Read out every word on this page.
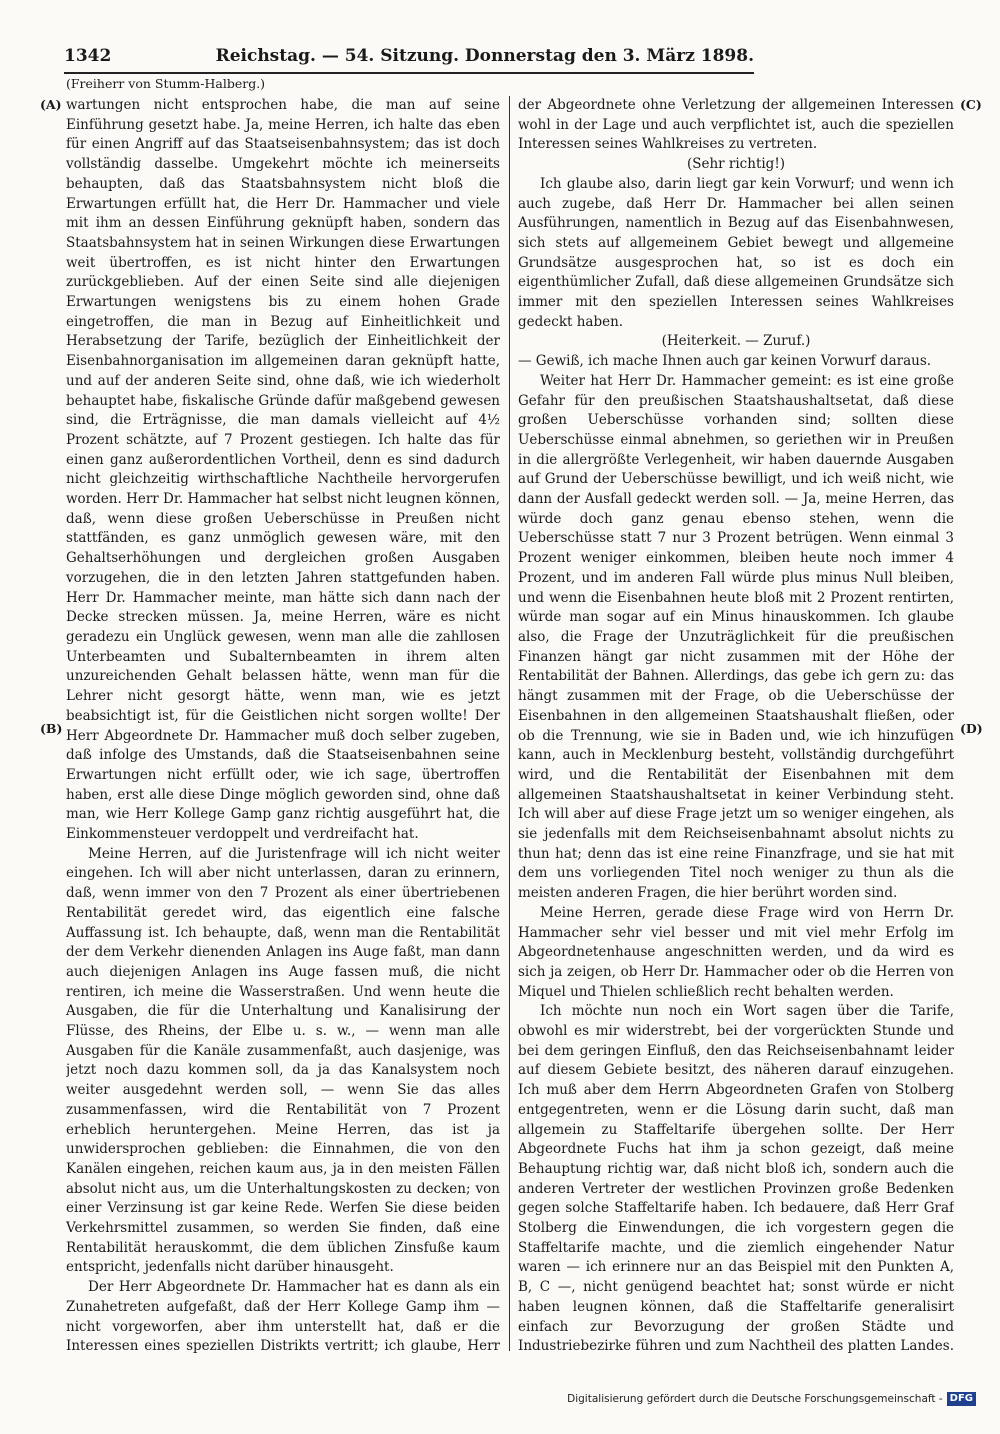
1342	Reichstag. — 54. Sitzung. Donnerstag den 3. März 1898.
(Freiherr von Stumm-Halberg.)
(A)
(B)
(C)
(D)

wartungen nicht entsprochen habe, die man auf seine Einführung gesetzt habe. Ja, meine Herren, ich halte das eben für einen Angriff auf das Staatseisenbahnsystem; das ist doch vollständig dasselbe. Umgekehrt möchte ich meinerseits behaupten, daß das Staatsbahnsystem nicht bloß die Erwartungen erfüllt hat, die Herr Dr. Hammacher und viele mit ihm an dessen Einführung geknüpft haben, sondern das Staatsbahnsystem hat in seinen Wirkungen diese Erwartungen weit übertroffen, es ist nicht hinter den Erwartungen zurückgeblieben. Auf der einen Seite sind alle diejenigen Erwartungen wenigstens bis zu einem hohen Grade eingetroffen, die man in Bezug auf Einheitlichkeit und Herabsetzung der Tarife, bezüglich der Einheitlichkeit der Eisenbahnorganisation im allgemeinen daran geknüpft hatte, und auf der anderen Seite sind, ohne daß, wie ich wiederholt behauptet habe, fiskalische Gründe dafür maßgebend gewesen sind, die Erträgnisse, die man damals vielleicht auf 4½ Prozent schätzte, auf 7 Prozent gestiegen. Ich halte das für einen ganz außerordentlichen Vortheil, denn es sind dadurch nicht gleichzeitig wirthschaftliche Nachtheile hervorgerufen worden. Herr Dr. Hammacher hat selbst nicht leugnen können, daß, wenn diese großen Ueberschüsse in Preußen nicht stattfänden, es ganz unmöglich gewesen wäre, mit den Gehaltserhöhungen und dergleichen großen Ausgaben vorzugehen, die in den letzten Jahren stattgefunden haben. Herr Dr. Hammacher meinte, man hätte sich dann nach der Decke strecken müssen. Ja, meine Herren, wäre es nicht geradezu ein Unglück gewesen, wenn man alle die zahllosen Unterbeamten und Subalternbeamten in ihrem alten unzureichenden Gehalt belassen hätte, wenn man für die Lehrer nicht gesorgt hätte, wenn man, wie es jetzt beabsichtigt ist, für die Geistlichen nicht sorgen wollte! Der Herr Abgeordnete Dr. Hammacher muß doch selber zugeben, daß infolge des Umstands, daß die Staatseisenbahnen seine Erwartungen nicht erfüllt oder, wie ich sage, übertroffen haben, erst alle diese Dinge möglich geworden sind, ohne daß man, wie Herr Kollege Gamp ganz richtig ausgeführt hat, die Einkommensteuer verdoppelt und verdreifacht hat.

Meine Herren, auf die Juristenfrage will ich nicht weiter eingehen. Ich will aber nicht unterlassen, daran zu erinnern, daß, wenn immer von den 7 Prozent als einer übertriebenen Rentabilität geredet wird, das eigentlich eine falsche Auffassung ist. Ich behaupte, daß, wenn man die Rentabilität der dem Verkehr dienenden Anlagen ins Auge faßt, man dann auch diejenigen Anlagen ins Auge fassen muß, die nicht rentiren, ich meine die Wasserstraßen. Und wenn heute die Ausgaben, die für die Unterhaltung und Kanalisirung der Flüsse, des Rheins, der Elbe u. s. w., — wenn man alle Ausgaben für die Kanäle zusammenfaßt, auch dasjenige, was jetzt noch dazu kommen soll, da ja das Kanalsystem noch weiter ausgedehnt werden soll, — wenn Sie das alles zusammenfassen, wird die Rentabilität von 7 Prozent erheblich heruntergehen. Meine Herren, das ist ja unwidersprochen geblieben: die Einnahmen, die von den Kanälen eingehen, reichen kaum aus, ja in den meisten Fällen absolut nicht aus, um die Unterhaltungskosten zu decken; von einer Verzinsung ist gar keine Rede. Werfen Sie diese beiden Verkehrsmittel zusammen, so werden Sie finden, daß eine Rentabilität herauskommt, die dem üblichen Zinsfuße kaum entspricht, jedenfalls nicht darüber hinausgeht.

Der Herr Abgeordnete Dr. Hammacher hat es dann als ein Zunahetreten aufgefaßt, daß der Herr Kollege Gamp ihm — nicht vorgeworfen, aber ihm unterstellt hat, daß er die Interessen eines speziellen Distrikts vertritt; ich glaube, Herr

der Abgeordnete ohne Verletzung der allgemeinen Interessen wohl in der Lage und auch verpflichtet ist, auch die speziellen Interessen seines Wahlkreises zu vertreten.

(Sehr richtig!)

Ich glaube also, darin liegt gar kein Vorwurf; und wenn ich auch zugebe, daß Herr Dr. Hammacher bei allen seinen Ausführungen, namentlich in Bezug auf das Eisenbahnwesen, sich stets auf allgemeinem Gebiet bewegt und allgemeine Grundsätze ausgesprochen hat, so ist es doch ein eigenthümlicher Zufall, daß diese allgemeinen Grundsätze sich immer mit den speziellen Interessen seines Wahlkreises gedeckt haben.

(Heiterkeit. — Zuruf.)

— Gewiß, ich mache Ihnen auch gar keinen Vorwurf daraus.

Weiter hat Herr Dr. Hammacher gemeint: es ist eine große Gefahr für den preußischen Staatshaushaltsetat, daß diese großen Ueberschüsse vorhanden sind; sollten diese Ueberschüsse einmal abnehmen, so geriethen wir in Preußen in die allergrößte Verlegenheit, wir haben dauernde Ausgaben auf Grund der Ueberschüsse bewilligt, und ich weiß nicht, wie dann der Ausfall gedeckt werden soll. — Ja, meine Herren, das würde doch ganz genau ebenso stehen, wenn die Ueberschüsse statt 7 nur 3 Prozent betrügen. Wenn einmal 3 Prozent weniger einkommen, bleiben heute noch immer 4 Prozent, und im anderen Fall würde plus minus Null bleiben, und wenn die Eisenbahnen heute bloß mit 2 Prozent rentirten, würde man sogar auf ein Minus hinauskommen. Ich glaube also, die Frage der Unzuträglichkeit für die preußischen Finanzen hängt gar nicht zusammen mit der Höhe der Rentabilität der Bahnen. Allerdings, das gebe ich gern zu: das hängt zusammen mit der Frage, ob die Ueberschüsse der Eisenbahnen in den allgemeinen Staatshaushalt fließen, oder ob die Trennung, wie sie in Baden und, wie ich hinzufügen kann, auch in Mecklenburg besteht, vollständig durchgeführt wird, und die Rentabilität der Eisenbahnen mit dem allgemeinen Staatshaushaltsetat in keiner Verbindung steht. Ich will aber auf diese Frage jetzt um so weniger eingehen, als sie jedenfalls mit dem Reichseisenbahnamt absolut nichts zu thun hat; denn das ist eine reine Finanzfrage, und sie hat mit dem uns vorliegenden Titel noch weniger zu thun als die meisten anderen Fragen, die hier berührt worden sind.

Meine Herren, gerade diese Frage wird von Herrn Dr. Hammacher sehr viel besser und mit viel mehr Erfolg im Abgeordnetenhause angeschnitten werden, und da wird es sich ja zeigen, ob Herr Dr. Hammacher oder ob die Herren von Miquel und Thielen schließlich recht behalten werden.

Ich möchte nun noch ein Wort sagen über die Tarife, obwohl es mir widerstrebt, bei der vorgerückten Stunde und bei dem geringen Einfluß, den das Reichseisenbahnamt leider auf diesem Gebiete besitzt, des näheren darauf einzugehen. Ich muß aber dem Herrn Abgeordneten Grafen von Stolberg entgegentreten, wenn er die Lösung darin sucht, daß man allgemein zu Staffeltarife übergehen sollte. Der Herr Abgeordnete Fuchs hat ihm ja schon gezeigt, daß meine Behauptung richtig war, daß nicht bloß ich, sondern auch die anderen Vertreter der westlichen Provinzen große Bedenken gegen solche Staffeltarife haben. Ich bedauere, daß Herr Graf Stolberg die Einwendungen, die ich vorgestern gegen die Staffeltarife machte, und die ziemlich eingehender Natur waren — ich erinnere nur an das Beispiel mit den Punkten A, B, C —, nicht genügend beachtet hat; sonst würde er nicht haben leugnen können, daß die Staffeltarife generalisirt einfach zur Bevorzugung der großen Städte und Industriebezirke führen und zum Nachtheil des platten Landes.

Digitalisierung gefördert durch die Deutsche Forschungsgemeinschaft - DFG
